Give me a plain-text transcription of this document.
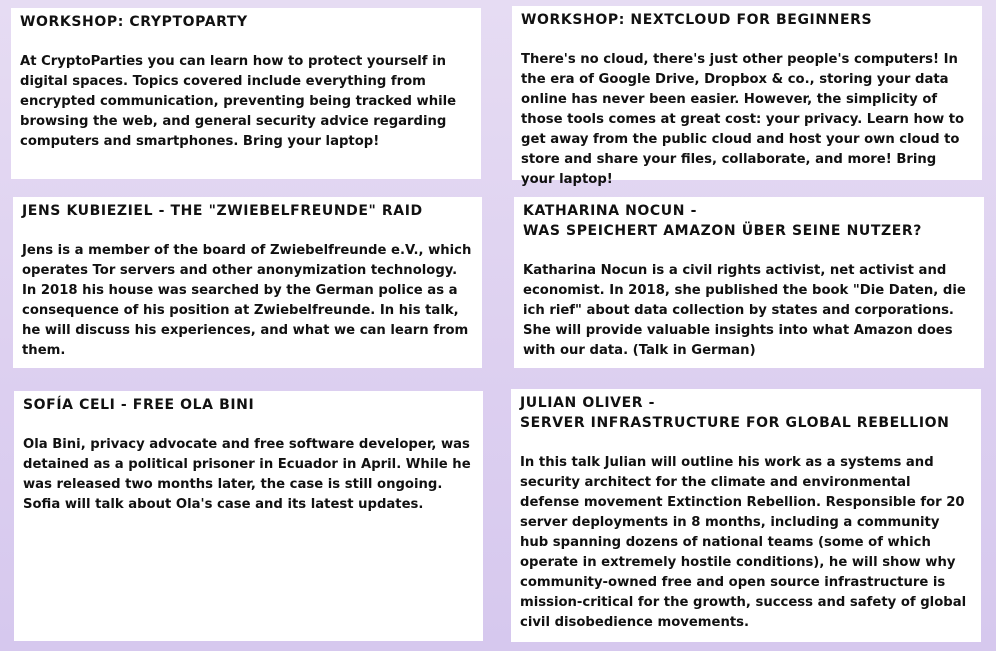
WORKSHOP: CRYPTOPARTY

At CryptoParties you can learn how to protect yourself in digital spaces. Topics covered include everything from encrypted communication, preventing being tracked while browsing the web, and general security advice regarding computers and smartphones. Bring your laptop!

WORKSHOP: NEXTCLOUD FOR BEGINNERS

There's no cloud, there's just other people's computers! In the era of Google Drive, Dropbox & co., storing your data online has never been easier. However, the simplicity of those tools comes at great cost: your privacy. Learn how to get away from the public cloud and host your own cloud to store and share your files, collaborate, and more! Bring your laptop!

JENS KUBIEZIEL - THE "ZWIEBELFREUNDE" RAID

Jens is a member of the board of Zwiebelfreunde e.V., which operates Tor servers and other anonymization technology. In 2018 his house was searched by the German police as a consequence of his position at Zwiebelfreunde. In his talk, he will discuss his experiences, and what we can learn from them.

KATHARINA NOCUN -
WAS SPEICHERT AMAZON ÜBER SEINE NUTZER?

Katharina Nocun is a civil rights activist, net activist and economist. In 2018, she published the book "Die Daten, die ich rief" about data collection by states and corporations. She will provide valuable insights into what Amazon does with our data. (Talk in German)

SOFÍA CELI - FREE OLA BINI

Ola Bini, privacy advocate and free software developer, was detained as a political prisoner in Ecuador in April. While he was released two months later, the case is still ongoing. Sofia will talk about Ola's case and its latest updates.

JULIAN OLIVER -
SERVER INFRASTRUCTURE FOR GLOBAL REBELLION

In this talk Julian will outline his work as a systems and security architect for the climate and environmental defense movement Extinction Rebellion. Responsible for 20 server deployments in 8 months, including a community hub spanning dozens of national teams (some of which operate in extremely hostile conditions), he will show why community-owned free and open source infrastructure is mission-critical for the growth, success and safety of global civil disobedience movements.
